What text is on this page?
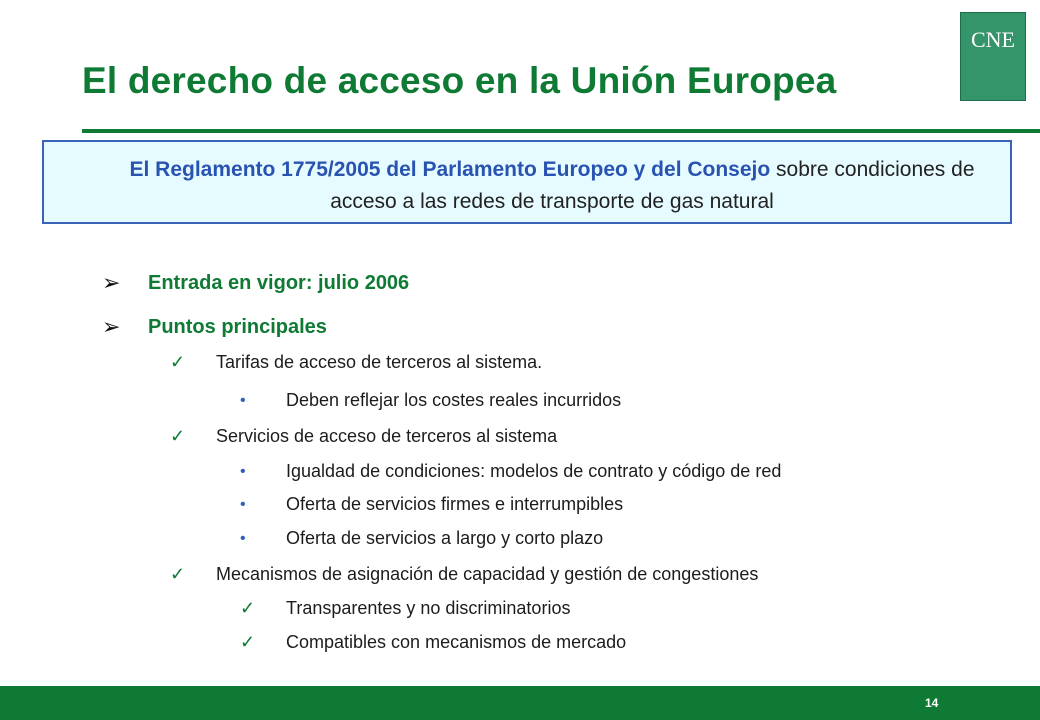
El derecho de acceso en la Unión Europea
CNE
El Reglamento 1775/2005 del Parlamento Europeo y del Consejo sobre condiciones de acceso a las redes de transporte de gas natural
➢	Entrada en vigor: julio 2006
➢	Puntos principales
✓	Tarifas de acceso de terceros al sistema.
•	Deben reflejar los costes reales incurridos
✓	Servicios de acceso de terceros al sistema
•	Igualdad de condiciones: modelos de contrato y código de red
•	Oferta de servicios firmes e interrumpibles
•	Oferta de servicios a largo y corto plazo
✓	Mecanismos de asignación de capacidad y gestión de congestiones
✓	Transparentes y no discriminatorios
✓	Compatibles con mecanismos de mercado
14
